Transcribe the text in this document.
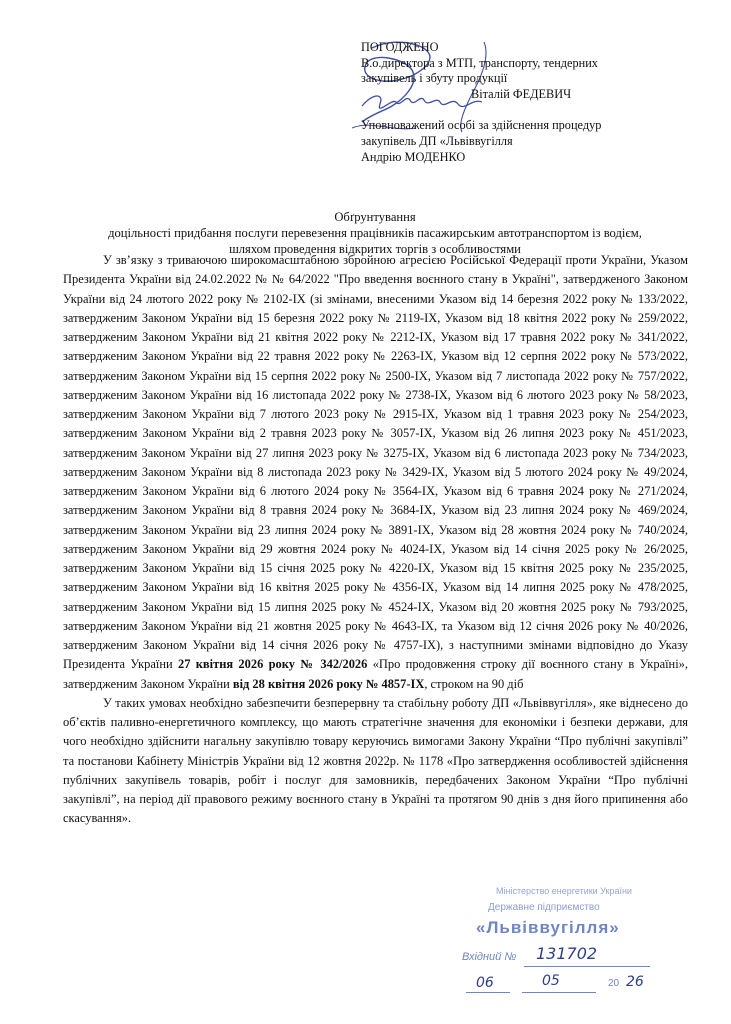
ПОГОДЖЕНО
В.о.директора з МТП, транспорту, тендерних
закупівель і збуту продукції
Віталій ФЕДЕВИЧ
Уповноважений особі за здійснення процедур
закупівель ДП «Львіввугілля
Андрію МОДЕНКО
Обґрунтування
доцільності придбання послуги перевезення працівників пасажирським автотранспортом із водієм,
шляхом проведення відкритих торгів з особливостями

У зв’язку з триваючою широкомасштабною збройною агресією Російської Федерації проти України, Указом Президента України від 24.02.2022 № № 64/2022 "Про введення воєнного стану в Україні", затвердженого Законом України від 24 лютого 2022 року № 2102-IX (зі змінами, внесеними Указом від 14 березня 2022 року № 133/2022, затвердженим Законом України від 15 березня 2022 року № 2119-IX, Указом від 18 квітня 2022 року № 259/2022, затвердженим Законом України від 21 квітня 2022 року № 2212-IX, Указом від 17 травня 2022 року № 341/2022, затвердженим Законом України від 22 травня 2022 року № 2263-IX, Указом від 12 серпня 2022 року № 573/2022, затвердженим Законом України від 15 серпня 2022 року № 2500-IX, Указом від 7 листопада 2022 року № 757/2022, затвердженим Законом України від 16 листопада 2022 року № 2738-IX, Указом від 6 лютого 2023 року № 58/2023, затвердженим Законом України від 7 лютого 2023 року № 2915-IX, Указом від 1 травня 2023 року № 254/2023, затвердженим Законом України від 2 травня 2023 року № 3057-IX, Указом від 26 липня 2023 року № 451/2023, затвердженим Законом України від 27 липня 2023 року № 3275-IX, Указом від 6 листопада 2023 року № 734/2023, затвердженим Законом України від 8 листопада 2023 року № 3429-IX, Указом від 5 лютого 2024 року № 49/2024, затвердженим Законом України від 6 лютого 2024 року № 3564-IX, Указом від 6 травня 2024 року № 271/2024, затвердженим Законом України від 8 травня 2024 року № 3684-IX, Указом від 23 липня 2024 року № 469/2024, затвердженим Законом України від 23 липня 2024 року № 3891-IX, Указом від 28 жовтня 2024 року № 740/2024, затвердженим Законом України від 29 жовтня 2024 року № 4024-IX, Указом від 14 січня 2025 року № 26/2025, затвердженим Законом України від 15 січня 2025 року № 4220-IX, Указом від 15 квітня 2025 року № 235/2025, затвердженим Законом України від 16 квітня 2025 року № 4356-IX, Указом від 14 липня 2025 року № 478/2025, затвердженим Законом України від 15 липня 2025 року № 4524-IX, Указом від 20 жовтня 2025 року № 793/2025, затвердженим Законом України від 21 жовтня 2025 року № 4643-IX, та Указом від 12 січня 2026 року № 40/2026, затвердженим Законом України від 14 січня 2026 року № 4757-IX), з наступними змінами відповідно до Указу Президента України 27 квітня 2026 року № 342/2026 «Про продовження строку дії воєнного стану в Україні», затвердженим Законом України від 28 квітня 2026 року № 4857-IX, строком на 90 діб

У таких умовах необхідно забезпечити безперервну та стабільну роботу ДП «Львіввугілля», яке віднесено до об’єктів паливно-енергетичного комплексу, що мають стратегічне значення для економіки і безпеки держави, для чого необхідно здійснити нагальну закупівлю товару керуючись вимогами Закону України “Про публічні закупівлі” та постанови Кабінету Міністрів України від 12 жовтня 2022р. № 1178 «Про затвердження особливостей здійснення публічних закупівель товарів, робіт і послуг для замовників, передбачених Законом України “Про публічні закупівлі”, на період дії правового режиму воєнного стану в Україні та протягом 90 днів з дня його припинення або скасування».

Міністерство енергетики України
Державне підприємство
«Львіввугілля»
Вхідний № 131702
06	05	20 26
